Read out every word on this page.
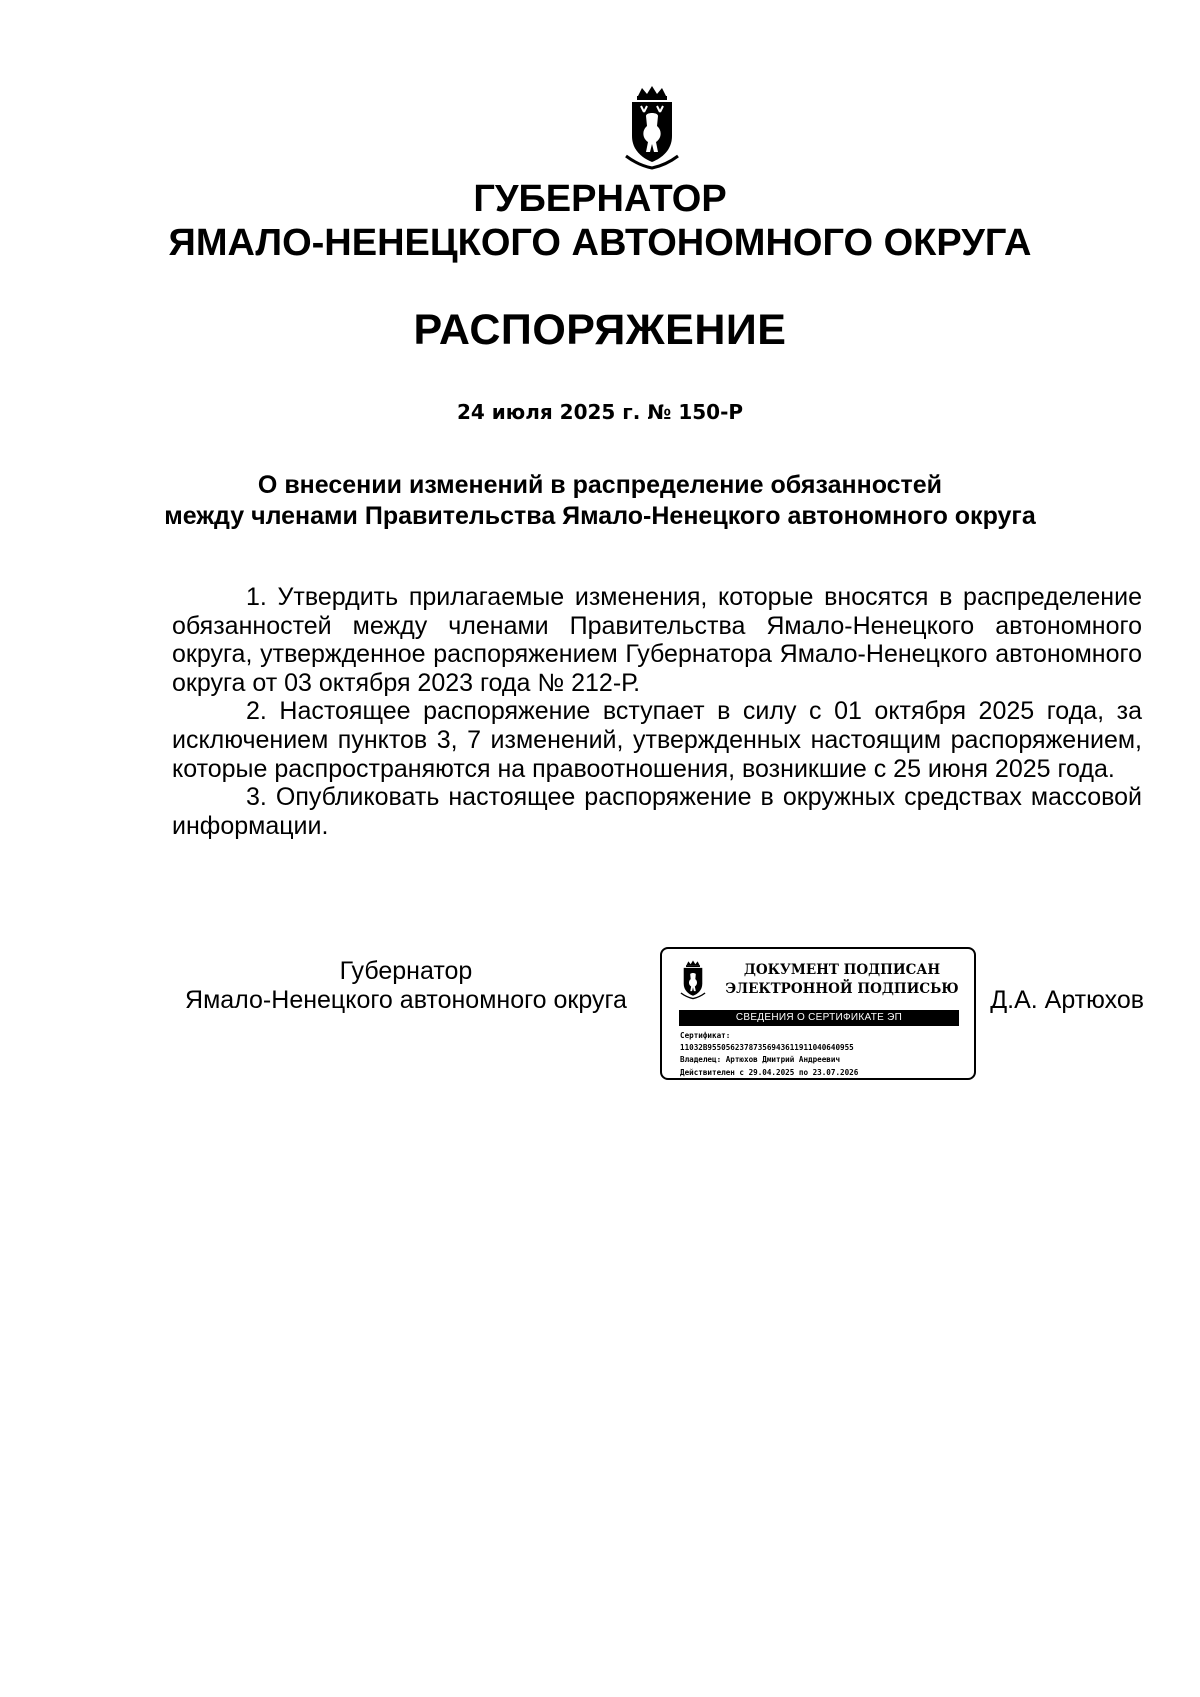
ГУБЕРНАТОР
ЯМАЛО-НЕНЕЦКОГО АВТОНОМНОГО ОКРУГА
РАСПОРЯЖЕНИЕ
24 июля 2025 г. № 150-Р
О внесении изменений в распределение обязанностей
между членами Правительства Ямало-Ненецкого автономного округа

1. Утвердить прилагаемые изменения, которые вносятся в распределение обязанностей между членами Правительства Ямало-Ненецкого автономного округа, утвержденное распоряжением Губернатора Ямало-Ненецкого автономного округа от 03 октября 2023 года № 212-Р.

2. Настоящее распоряжение вступает в силу с 01 октября 2025 года, за исключением пунктов 3, 7 изменений, утвержденных настоящим распоряжением, которые распространяются на правоотношения, возникшие с 25 июня 2025 года.

3. Опубликовать настоящее распоряжение в окружных средствах массовой информации.

Губернатор
Ямало-Ненецкого автономного округа
ДОКУМЕНТ ПОДПИСАН
ЭЛЕКТРОННОЙ ПОДПИСЬЮ
СВЕДЕНИЯ О СЕРТИФИКАТЕ ЭП
Сертификат:
11032B95505623787356943611911040640955
Владелец: Артюхов Дмитрий Андреевич
Действителен с 29.04.2025 по 23.07.2026
Д.А. Артюхов
